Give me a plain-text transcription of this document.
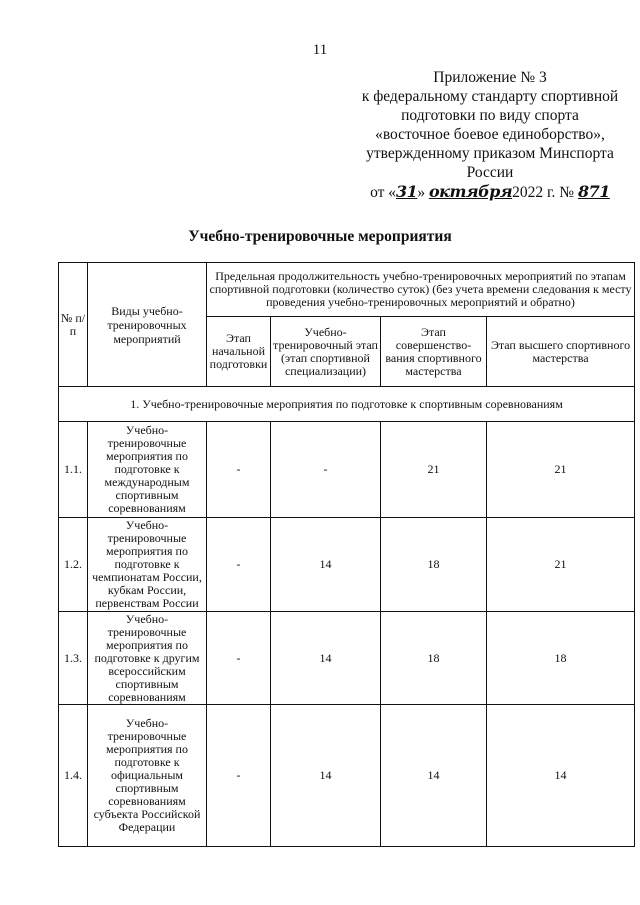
11
Приложение № 3
к федеральному стандарту спортивной
подготовки по виду спорта
«восточное боевое единоборство»,
утвержденному приказом Минспорта
России
от «31» октября2022 г. № 871
Учебно-тренировочные мероприятия
№ п/п	Виды учебно-тренировочных мероприятий	Предельная продолжительность учебно-тренировочных мероприятий по этапам спортивной подготовки (количество суток) (без учета времени следования к месту проведения учебно-тренировочных мероприятий и обратно)			
		Этап начальной подготовки	Учебно-тренировочный этап (этап спортивной специализации)	Этап совершенство-вания спортивного мастерства	Этап высшего спортивного мастерства
1. Учебно-тренировочные мероприятия по подготовке к спортивным соревнованиям					
1.1.	Учебно-тренировочные мероприятия по подготовке к международным спортивным соревнованиям	-	-	21	21
1.2.	Учебно-тренировочные мероприятия по подготовке к чемпионатам России, кубкам России, первенствам России	-	14	18	21
1.3.	Учебно-тренировочные мероприятия по подготовке к другим всероссийским спортивным соревнованиям	-	14	18	18
1.4.	Учебно-тренировочные мероприятия по подготовке к официальным спортивным соревнованиям субъекта Российской Федерации	-	14	14	14
